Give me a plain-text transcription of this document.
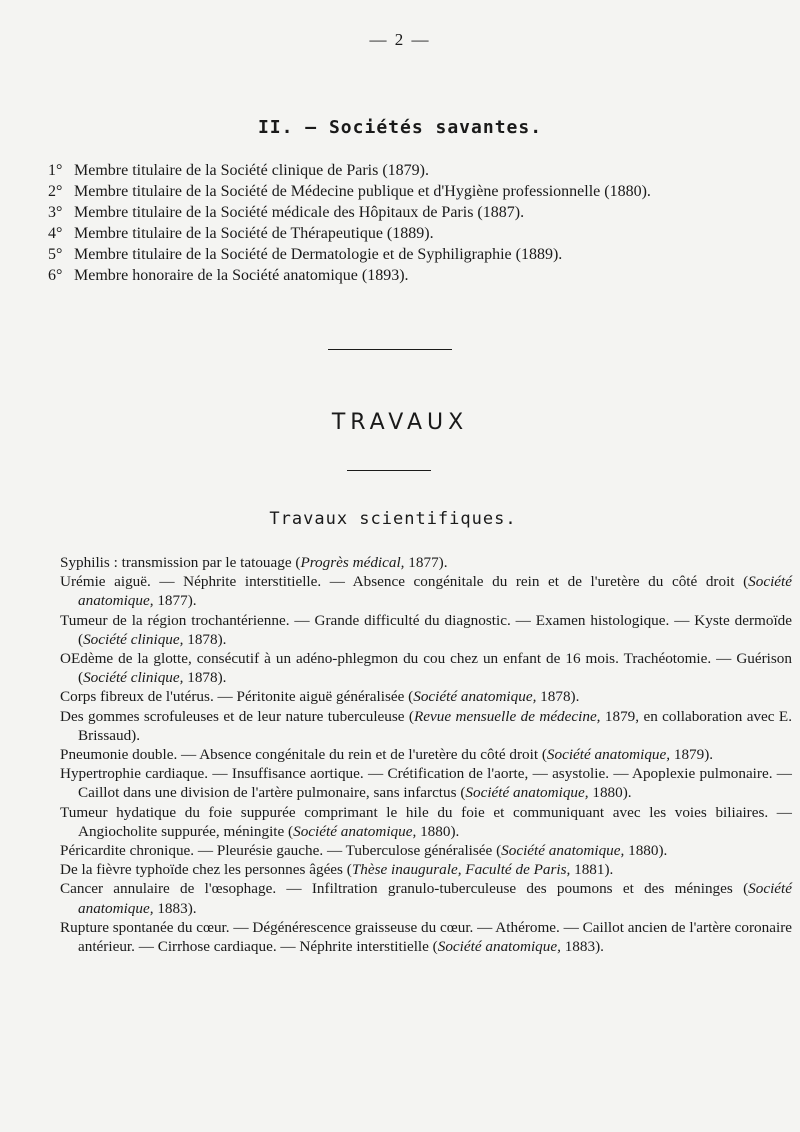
— 2 —
II. — Sociétés savantes.
1° Membre titulaire de la Société clinique de Paris (1879).
2° Membre titulaire de la Société de Médecine publique et d'Hygiène professionnelle (1880).
3° Membre titulaire de la Société médicale des Hôpitaux de Paris (1887).
4° Membre titulaire de la Société de Thérapeutique (1889).
5° Membre titulaire de la Société de Dermatologie et de Syphiligraphie (1889).
6° Membre honoraire de la Société anatomique (1893).
TRAVAUX
Travaux scientifiques.
Syphilis : transmission par le tatouage (Progrès médical, 1877).
Urémie aiguë. — Néphrite interstitielle. — Absence congénitale du rein et de l'uretère du côté droit (Société anatomique, 1877).
Tumeur de la région trochantérienne. — Grande difficulté du diagnostic. — Examen histologique. — Kyste dermoïde (Société clinique, 1878).
OEdème de la glotte, consécutif à un adéno-phlegmon du cou chez un enfant de 16 mois. Trachéotomie. — Guérison (Société clinique, 1878).
Corps fibreux de l'utérus. — Péritonite aiguë généralisée (Société anatomique, 1878).
Des gommes scrofuleuses et de leur nature tuberculeuse (Revue mensuelle de médecine, 1879, en collaboration avec E. Brissaud).
Pneumonie double. — Absence congénitale du rein et de l'uretère du côté droit (Société anatomique, 1879).
Hypertrophie cardiaque. — Insuffisance aortique. — Crétification de l'aorte, — asystolie. — Apoplexie pulmonaire. — Caillot dans une division de l'artère pulmonaire, sans infarctus (Société anatomique, 1880).
Tumeur hydatique du foie suppurée comprimant le hile du foie et communiquant avec les voies biliaires. — Angiocholite suppurée, méningite (Société anatomique, 1880).
Péricardite chronique. — Pleurésie gauche. — Tuberculose généralisée (Société anatomique, 1880).
De la fièvre typhoïde chez les personnes âgées (Thèse inaugurale, Faculté de Paris, 1881).
Cancer annulaire de l'œsophage. — Infiltration granulo-tuberculeuse des poumons et des méninges (Société anatomique, 1883).
Rupture spontanée du cœur. — Dégénérescence graisseuse du cœur. — Athérome. — Caillot ancien de l'artère coronaire antérieur. — Cirrhose cardiaque. — Néphrite interstitielle (Société anatomique, 1883).
